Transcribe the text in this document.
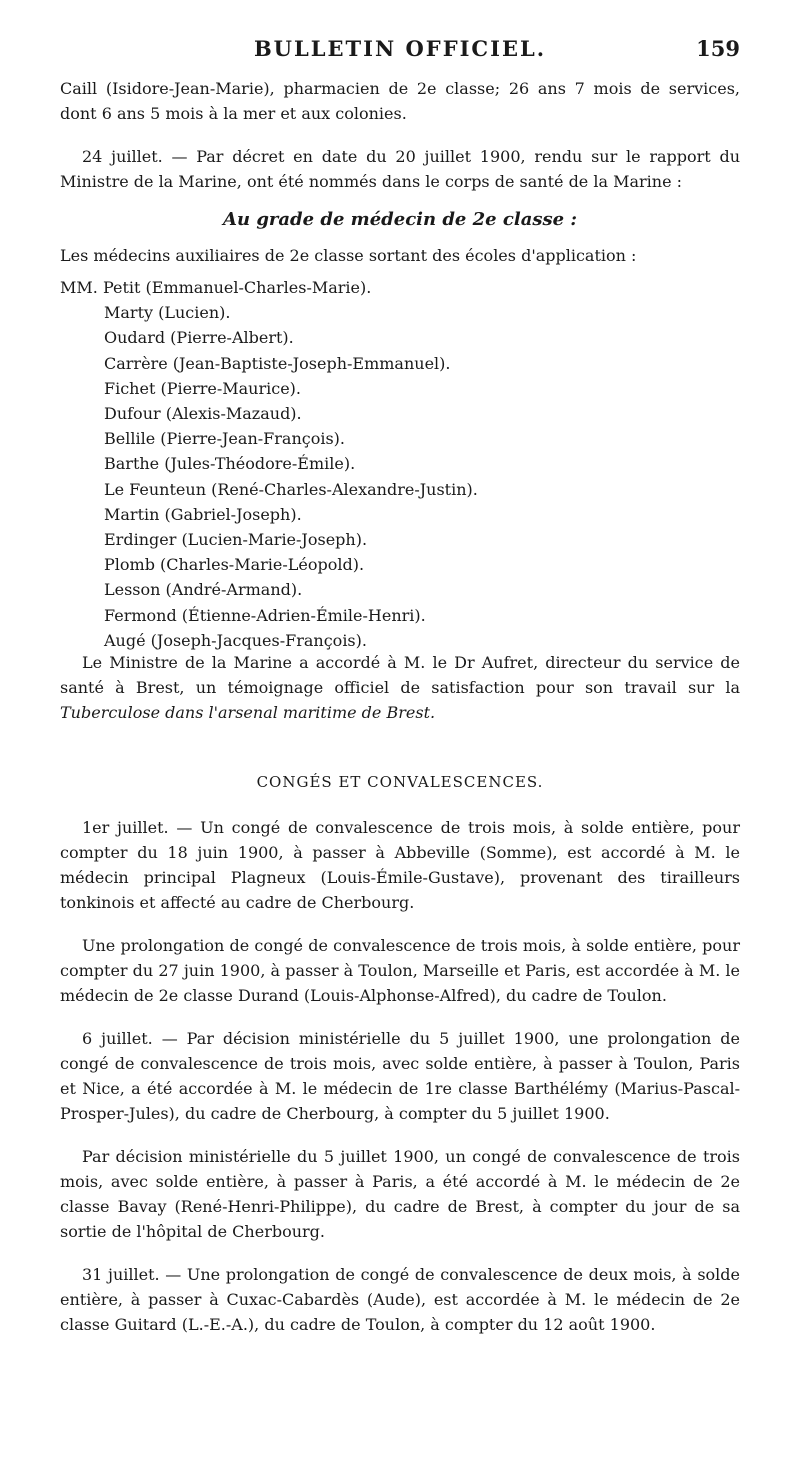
BULLETIN OFFICIEL.	159

Caill (Isidore-Jean-Marie), pharmacien de 2e classe; 26 ans 7 mois de services, dont 6 ans 5 mois à la mer et aux colonies.

24 juillet. — Par décret en date du 20 juillet 1900, rendu sur le rapport du Ministre de la Marine, ont été nommés dans le corps de santé de la Marine :

Au grade de médecin de 2e classe :

Les médecins auxiliaires de 2e classe sortant des écoles d'application :

MM. Petit (Emmanuel-Charles-Marie).
Marty (Lucien).
Oudard (Pierre-Albert).
Carrère (Jean-Baptiste-Joseph-Emmanuel).
Fichet (Pierre-Maurice).
Dufour (Alexis-Mazaud).
Bellile (Pierre-Jean-François).
Barthe (Jules-Théodore-Émile).
Le Feunteun (René-Charles-Alexandre-Justin).
Martin (Gabriel-Joseph).
Erdinger (Lucien-Marie-Joseph).
Plomb (Charles-Marie-Léopold).
Lesson (André-Armand).
Fermond (Étienne-Adrien-Émile-Henri).
Augé (Joseph-Jacques-François).

Le Ministre de la Marine a accordé à M. le Dr Aufret, directeur du service de santé à Brest, un témoignage officiel de satisfaction pour son travail sur la Tuberculose dans l'arsenal maritime de Brest.

CONGÉS ET CONVALESCENCES.

1er juillet. — Un congé de convalescence de trois mois, à solde entière, pour compter du 18 juin 1900, à passer à Abbeville (Somme), est accordé à M. le médecin principal Plagneux (Louis-Émile-Gustave), provenant des tirailleurs tonkinois et affecté au cadre de Cherbourg.

Une prolongation de congé de convalescence de trois mois, à solde entière, pour compter du 27 juin 1900, à passer à Toulon, Marseille et Paris, est accordée à M. le médecin de 2e classe Durand (Louis-Alphonse-Alfred), du cadre de Toulon.

6 juillet. — Par décision ministérielle du 5 juillet 1900, une prolongation de congé de convalescence de trois mois, avec solde entière, à passer à Toulon, Paris et Nice, a été accordée à M. le médecin de 1re classe Barthélémy (Marius-Pascal-Prosper-Jules), du cadre de Cherbourg, à compter du 5 juillet 1900.

Par décision ministérielle du 5 juillet 1900, un congé de convalescence de trois mois, avec solde entière, à passer à Paris, a été accordé à M. le médecin de 2e classe Bavay (René-Henri-Philippe), du cadre de Brest, à compter du jour de sa sortie de l'hôpital de Cherbourg.

31 juillet. — Une prolongation de congé de convalescence de deux mois, à solde entière, à passer à Cuxac-Cabardès (Aude), est accordée à M. le médecin de 2e classe Guitard (L.-E.-A.), du cadre de Toulon, à compter du 12 août 1900.
